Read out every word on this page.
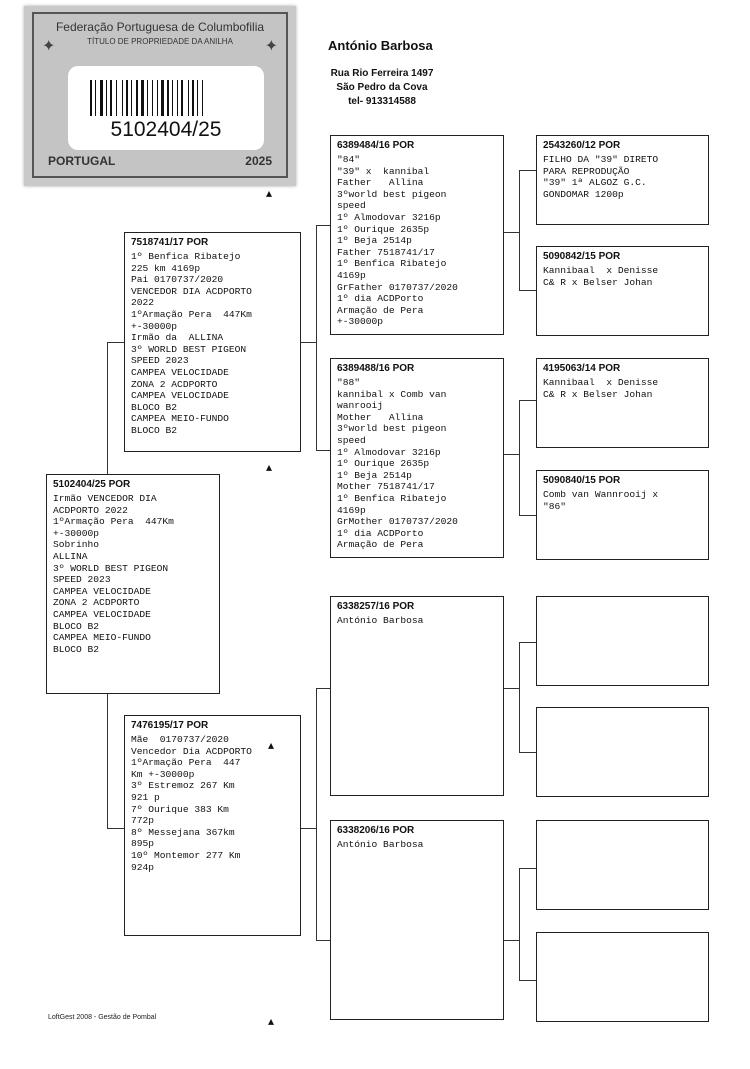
✦	✦
Federação Portuguesa de Columbofilia
TÍTULO DE PROPRIEDADE DA ANILHA
5102404/25
PORTUGAL	2025
António Barbosa
Rua Rio Ferreira 1497
São Pedro da Cova
tel- 913314588
5102404/25 POR
Irmão VENCEDOR DIA
ACDPORTO 2022
1ºArmação Pera  447Km
+-30000p
Sobrinho
ALLINA
3º WORLD BEST PIGEON
SPEED 2023
CAMPEA VELOCIDADE
ZONA 2 ACDPORTO
CAMPEA VELOCIDADE
BLOCO B2
CAMPEA MEIO-FUNDO
BLOCO B2
7518741/17 POR
1º Benfica Ribatejo
225 km 4169p
Pai 0170737/2020
VENCEDOR DIA ACDPORTO
2022
1ºArmação Pera  447Km
+-30000p
Irmão da  ALLINA
3º WORLD BEST PIGEON
SPEED 2023
CAMPEA VELOCIDADE
ZONA 2 ACDPORTO
CAMPEA VELOCIDADE
BLOCO B2
CAMPEA MEIO-FUNDO
BLOCO B2
7476195/17 POR
Mãe  0170737/2020
Vencedor Dia ACDPORTO
1ºArmação Pera  447
Km +-30000p
3º Estremoz 267 Km
921 p
7º Ourique 383 Km
772p
8º Messejana 367km
895p
10º Montemor 277 Km
924p
6389484/16 POR
"84"
"39" x  kannibal
Father   Allina
3ºworld best pigeon
speed
1º Almodovar 3216p
1º Ourique 2635p
1º Beja 2514p
Father 7518741/17
1º Benfica Ribatejo
4169p
GrFather 0170737/2020
1º dia ACDPorto
Armação de Pera
+-30000p
6389488/16 POR
"88"
kannibal x Comb van
wanrooij
Mother   Allina
3ºworld best pigeon
speed
1º Almodovar 3216p
1º Ourique 2635p
1º Beja 2514p
Mother 7518741/17
1º Benfica Ribatejo
4169p
GrMother 0170737/2020
1º dia ACDPorto
Armação de Pera
6338257/16 POR
António Barbosa
6338206/16 POR
António Barbosa
2543260/12 POR
FILHO DA "39" DIRETO
PARA REPRODUÇÃO
"39" 1ª ALGOZ G.C.
GONDOMAR 1200p
5090842/15 POR
Kannibaal  x Denisse
C& R x Belser Johan
4195063/14 POR
Kannibaal  x Denisse
C& R x Belser Johan
5090840/15 POR
Comb van Wannrooij x
"86"
▴
▴
▴
▴
LoftGest 2008 - Gestão de Pombal
